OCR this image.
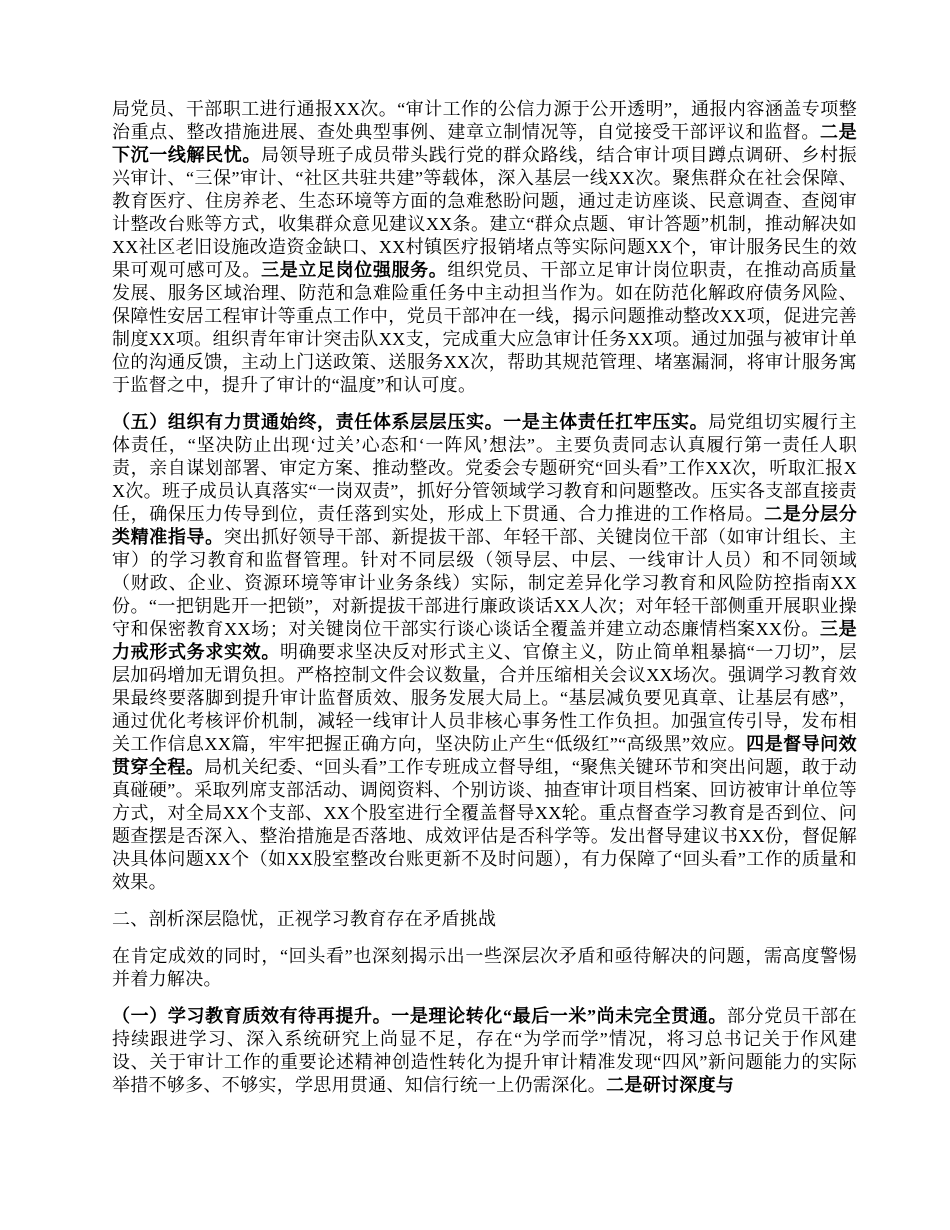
局党员、干部职工进行通报XX次。“审计工作的公信力源于公开透明”，通报内容涵盖专项整治重点、整改措施进展、查处典型事例、建章立制情况等，自觉接受干部评议和监督。二是下沉一线解民忧。局领导班子成员带头践行党的群众路线，结合审计项目蹲点调研、乡村振兴审计、“三保”审计、“社区共驻共建”等载体，深入基层一线XX次。聚焦群众在社会保障、教育医疗、住房养老、生态环境等方面的急难愁盼问题，通过走访座谈、民意调查、查阅审计整改台账等方式，收集群众意见建议XX条。建立“群众点题、审计答题”机制，推动解决如XX社区老旧设施改造资金缺口、XX村镇医疗报销堵点等实际问题XX个，审计服务民生的效果可观可感可及。三是立足岗位强服务。组织党员、干部立足审计岗位职责，在推动高质量发展、服务区域治理、防范和急难险重任务中主动担当作为。如在防范化解政府债务风险、保障性安居工程审计等重点工作中，党员干部冲在一线，揭示问题推动整改XX项，促进完善制度XX项。组织青年审计突击队XX支，完成重大应急审计任务XX项。通过加强与被审计单位的沟通反馈，主动上门送政策、送服务XX次，帮助其规范管理、堵塞漏洞，将审计服务寓于监督之中，提升了审计的“温度”和认可度。

（五）组织有力贯通始终，责任体系层层压实。一是主体责任扛牢压实。局党组切实履行主体责任，“坚决防止出现‘过关’心态和‘一阵风’想法”。主要负责同志认真履行第一责任人职责，亲自谋划部署、审定方案、推动整改。党委会专题研究“回头看”工作XX次，听取汇报XX次。班子成员认真落实“一岗双责”，抓好分管领域学习教育和问题整改。压实各支部直接责任，确保压力传导到位，责任落到实处，形成上下贯通、合力推进的工作格局。二是分层分类精准指导。突出抓好领导干部、新提拔干部、年轻干部、关键岗位干部（如审计组长、主审）的学习教育和监督管理。针对不同层级（领导层、中层、一线审计人员）和不同领域（财政、企业、资源环境等审计业务条线）实际，制定差异化学习教育和风险防控指南XX份。“一把钥匙开一把锁”，对新提拔干部进行廉政谈话XX人次；对年轻干部侧重开展职业操守和保密教育XX场；对关键岗位干部实行谈心谈话全覆盖并建立动态廉情档案XX份。三是力戒形式务求实效。明确要求坚决反对形式主义、官僚主义，防止简单粗暴搞“一刀切”，层层加码增加无谓负担。严格控制文件会议数量，合并压缩相关会议XX场次。强调学习教育效果最终要落脚到提升审计监督质效、服务发展大局上。“基层减负要见真章、让基层有感”，通过优化考核评价机制，减轻一线审计人员非核心事务性工作负担。加强宣传引导，发布相关工作信息XX篇，牢牢把握正确方向，坚决防止产生“低级红”“高级黑”效应。四是督导问效贯穿全程。局机关纪委、“回头看”工作专班成立督导组，“聚焦关键环节和突出问题，敢于动真碰硬”。采取列席支部活动、调阅资料、个别访谈、抽查审计项目档案、回访被审计单位等方式，对全局XX个支部、XX个股室进行全覆盖督导XX轮。重点督查学习教育是否到位、问题查摆是否深入、整治措施是否落地、成效评估是否科学等。发出督导建议书XX份，督促解决具体问题XX个（如XX股室整改台账更新不及时问题），有力保障了“回头看”工作的质量和效果。

二、剖析深层隐忧，正视学习教育存在矛盾挑战

在肯定成效的同时，“回头看”也深刻揭示出一些深层次矛盾和亟待解决的问题，需高度警惕并着力解决。

（一）学习教育质效有待再提升。一是理论转化“最后一米”尚未完全贯通。部分党员干部在持续跟进学习、深入系统研究上尚显不足，存在“为学而学”情况，将习总书记关于作风建设、关于审计工作的重要论述精神创造性转化为提升审计精准发现“四风”新问题能力的实际举措不够多、不够实，学思用贯通、知信行统一上仍需深化。二是研讨深度与
